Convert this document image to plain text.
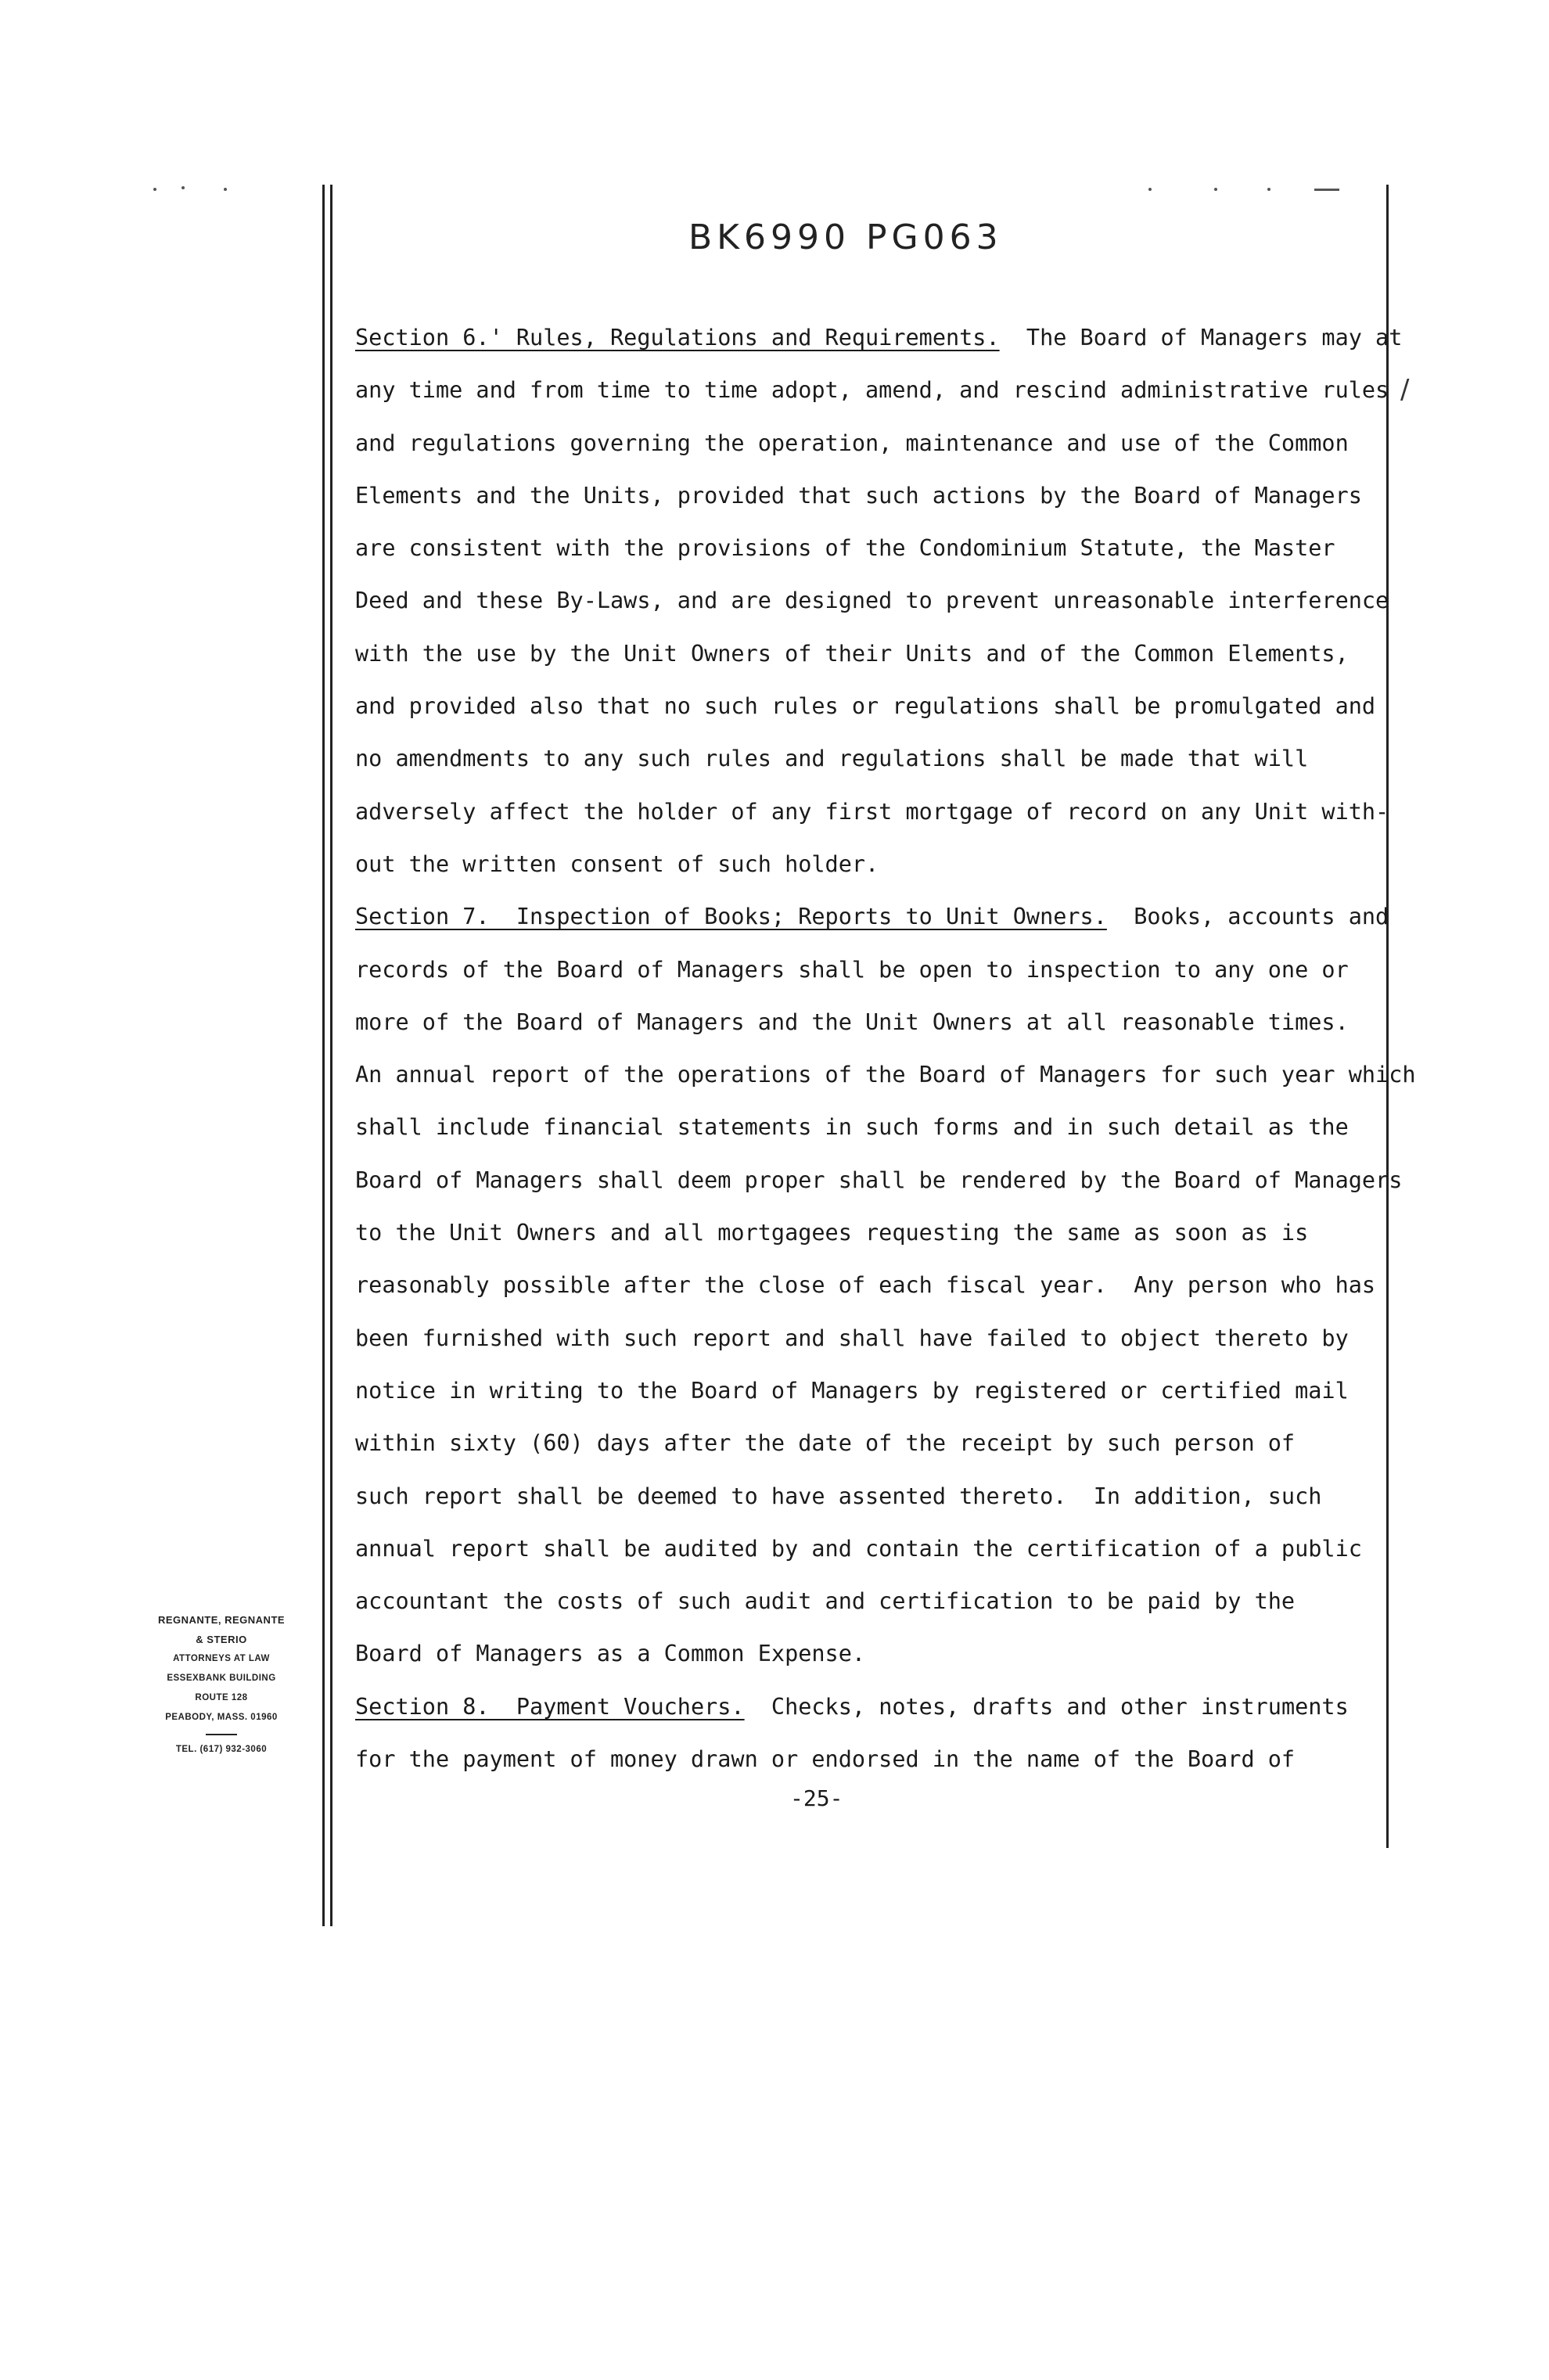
BK6990 PG063
Section 6.' Rules, Regulations and Requirements.  The Board of Managers may at
any time and from time to time adopt, amend, and rescind administrative rules
and regulations governing the operation, maintenance and use of the Common
Elements and the Units, provided that such actions by the Board of Managers
are consistent with the provisions of the Condominium Statute, the Master
Deed and these By-Laws, and are designed to prevent unreasonable interference
with the use by the Unit Owners of their Units and of the Common Elements,
and provided also that no such rules or regulations shall be promulgated and
no amendments to any such rules and regulations shall be made that will
adversely affect the holder of any first mortgage of record on any Unit with-
out the written consent of such holder.
Section 7.  Inspection of Books; Reports to Unit Owners.  Books, accounts and
records of the Board of Managers shall be open to inspection to any one or
more of the Board of Managers and the Unit Owners at all reasonable times.
An annual report of the operations of the Board of Managers for such year which
shall include financial statements in such forms and in such detail as the
Board of Managers shall deem proper shall be rendered by the Board of Managers
to the Unit Owners and all mortgagees requesting the same as soon as is
reasonably possible after the close of each fiscal year.  Any person who has
been furnished with such report and shall have failed to object thereto by
notice in writing to the Board of Managers by registered or certified mail
within sixty (60) days after the date of the receipt by such person of
such report shall be deemed to have assented thereto.  In addition, such
annual report shall be audited by and contain the certification of a public
accountant the costs of such audit and certification to be paid by the
Board of Managers as a Common Expense.
Section 8.  Payment Vouchers.  Checks, notes, drafts and other instruments
for the payment of money drawn or endorsed in the name of the Board of
/
-25-
REGNANTE, REGNANTE
& STERIO
ATTORNEYS AT LAW
ESSEXBANK BUILDING
ROUTE 128
PEABODY, MASS. 01960
TEL. (617) 932-3060
